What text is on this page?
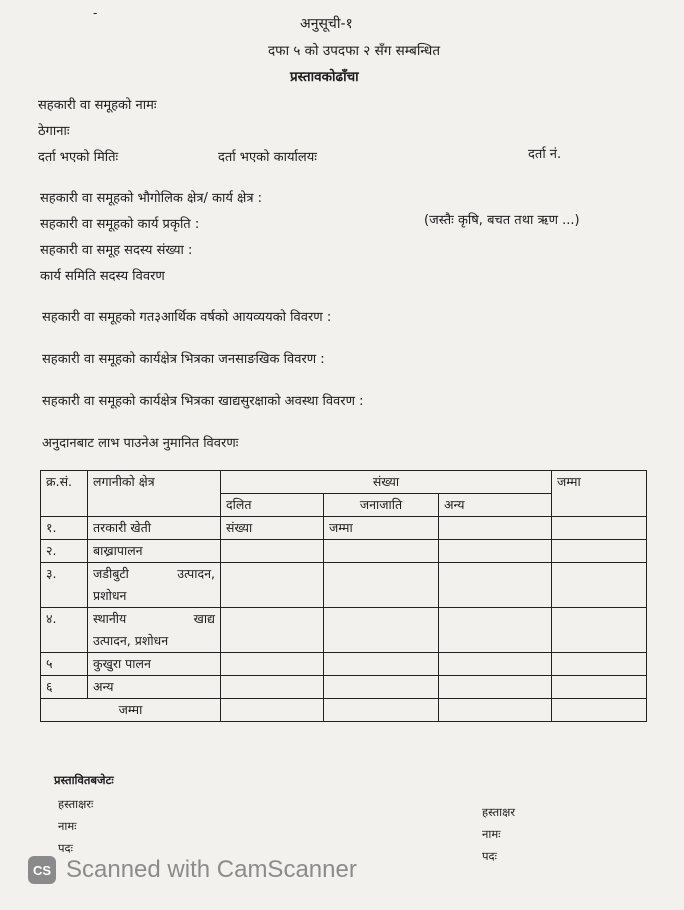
-
अनुसूची-१
दफा ५ को उपदफा २ सँग सम्बन्धित
प्रस्तावकोढाँचा
सहकारी वा समूहको नामः
ठेगानाः
दर्ता भएको मितिः	दर्ता भएको कार्यालयः	दर्ता नं.
सहकारी वा समूहको भौगोलिक क्षेत्र/ कार्य क्षेत्र :
सहकारी वा समूहको कार्य प्रकृति :	(जस्तैः कृषि, बचत तथा ऋण ...)
सहकारी वा समूह सदस्य संख्या :
कार्य समिति सदस्य विवरण
सहकारी वा समूहको गत३आर्थिक वर्षको आयव्ययको विवरण :
सहकारी वा समूहको कार्यक्षेत्र भित्रका जनसाङखिक विवरण :
सहकारी वा समूहको कार्यक्षेत्र भित्रका खाद्यसुरक्षाको अवस्था विवरण :
अनुदानबाट लाभ पाउनेअ नुमानित विवरणः
क्र.सं.	लगानीको क्षेत्र	संख्या			जम्मा
		दलित	जनाजाति	अन्य	
१.	तरकारी खेती	संख्या	जम्मा		
२.	बाख्रापालन				
३.	जडीबुटी उत्पादन,
प्रशोधन				

४.	स्थानीय खाद्य
उत्पादन, प्रशोधन				

५	कुखुरा पालन				
६	अन्य				
जम्मा					
प्रस्तावितबजेटः
हस्ताक्षरः
नामः
पदः
हस्ताक्षर
नामः
पदः
CS Scanned with CamScanner
